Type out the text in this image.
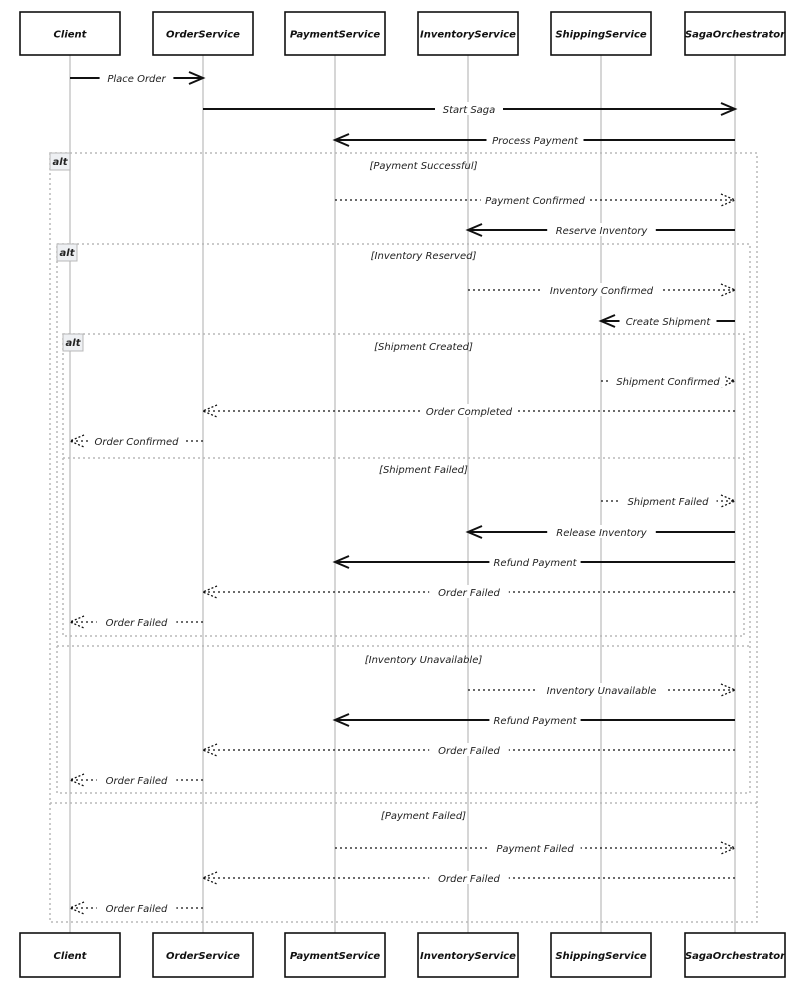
alt	[Payment Successful]
[Payment Failed]
alt	[Inventory Reserved]
[Inventory Unavailable]
alt	[Shipment Created]
[Shipment Failed]
Client
Client
OrderService
OrderService
PaymentService
PaymentService
InventoryService
InventoryService
ShippingService
ShippingService
SagaOrchestrator
SagaOrchestrator
Place Order
Start Saga
Process Payment
Payment Confirmed
Reserve Inventory
Inventory Confirmed
Create Shipment
Shipment Confirmed
Order Completed
Order Confirmed
Shipment Failed
Release Inventory
Refund Payment
Order Failed
Order Failed
Inventory Unavailable
Refund Payment
Order Failed
Order Failed
Payment Failed
Order Failed
Order Failed
